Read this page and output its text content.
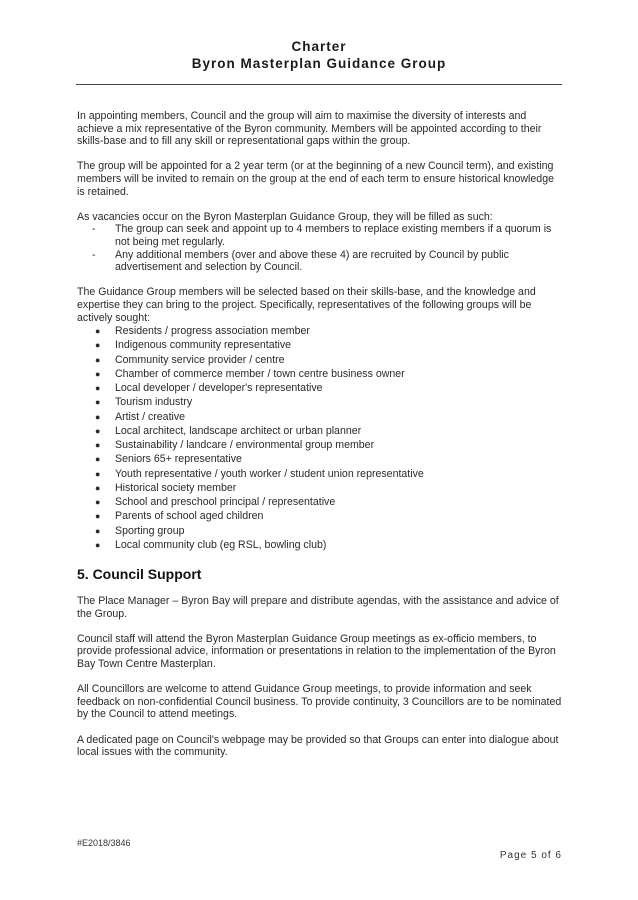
Charter
Byron Masterplan Guidance Group

In appointing members, Council and the group will aim to maximise the diversity of interests and achieve a mix representative of the Byron community. Members will be appointed according to their skills-base and to fill any skill or representational gaps within the group.

The group will be appointed for a 2 year term (or at the beginning of a new Council term), and existing members will be invited to remain on the group at the end of each term to ensure historical knowledge is retained.

As vacancies occur on the Byron Masterplan Guidance Group, they will be filled as such:

- The group can seek and appoint up to 4 members to replace existing members if a quorum is not being met regularly.
- Any additional members (over and above these 4) are recruited by Council by public advertisement and selection by Council.

The Guidance Group members will be selected based on their skills-base, and the knowledge and expertise they can bring to the project. Specifically, representatives of the following groups will be actively sought:

● Residents / progress association member
● Indigenous community representative
● Community service provider / centre
● Chamber of commerce member / town centre business owner
● Local developer / developer's representative
● Tourism industry
● Artist / creative
● Local architect, landscape architect or urban planner
● Sustainability / landcare / environmental group member
● Seniors 65+ representative
● Youth representative / youth worker / student union representative
● Historical society member
● School and preschool principal / representative
● Parents of school aged children
● Sporting group
● Local community club (eg RSL, bowling club)
5. Council Support

The Place Manager – Byron Bay will prepare and distribute agendas, with the assistance and advice of the Group.

Council staff will attend the Byron Masterplan Guidance Group meetings as ex-officio members, to provide professional advice, information or presentations in relation to the implementation of the Byron Bay Town Centre Masterplan.

All Councillors are welcome to attend Guidance Group meetings, to provide information and seek feedback on non-confidential Council business. To provide continuity, 3 Councillors are to be nominated by the Council to attend meetings.

A dedicated page on Council's webpage may be provided so that Groups can enter into dialogue about local issues with the community.

#E2018/3846
Page 5 of 6
